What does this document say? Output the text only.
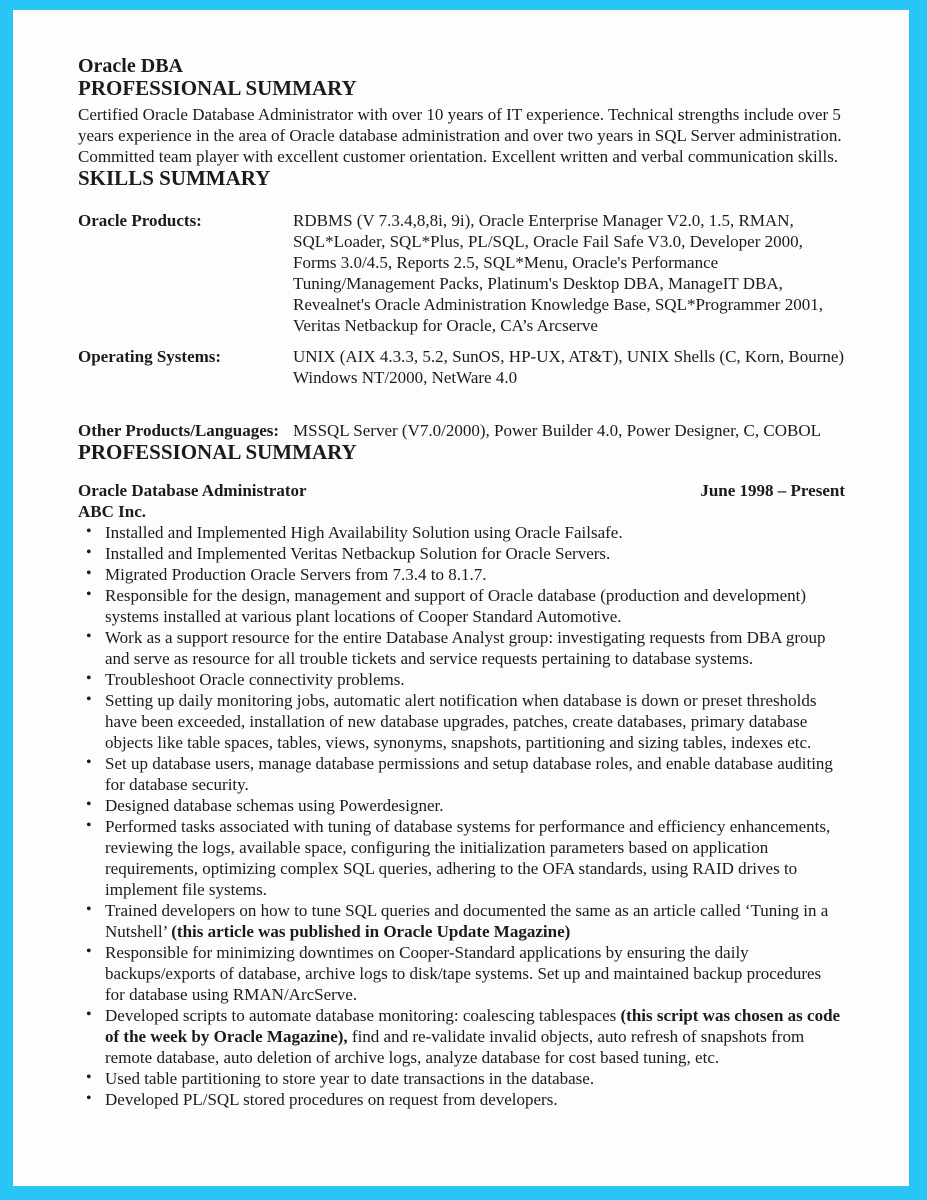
Oracle DBA
PROFESSIONAL SUMMARY

Certified Oracle Database Administrator with over 10 years of IT experience. Technical strengths include over 5 years experience in the area of Oracle database administration and over two years in SQL Server administration. Committed team player with excellent customer orientation. Excellent written and verbal communication skills.

SKILLS SUMMARY
Oracle Products:	RDBMS (V 7.3.4,8,8i, 9i), Oracle Enterprise Manager V2.0, 1.5, RMAN, SQL*Loader, SQL*Plus, PL/SQL, Oracle Fail Safe V3.0, Developer 2000, Forms 3.0/4.5, Reports 2.5, SQL*Menu, Oracle's Performance Tuning/Management Packs, Platinum's Desktop DBA, ManageIT DBA, Revealnet's Oracle Administration Knowledge Base, SQL*Programmer 2001, Veritas Netbackup for Oracle, CA’s Arcserve
Operating Systems:	UNIX (AIX 4.3.3, 5.2, SunOS, HP-UX, AT&T), UNIX Shells (C, Korn, Bourne) Windows NT/2000, NetWare 4.0
Other Products/Languages: MSSQL Server (V7.0/2000), Power Builder 4.0, Power Designer, C, COBOL
PROFESSIONAL SUMMARY
Oracle Database Administrator	June 1998 – Present
ABC Inc.
• Installed and Implemented High Availability Solution using Oracle Failsafe.
• Installed and Implemented Veritas Netbackup Solution for Oracle Servers.
• Migrated Production Oracle Servers from 7.3.4 to 8.1.7.
• Responsible for the design, management and support of Oracle database (production and development) systems installed at various plant locations of Cooper Standard Automotive.
• Work as a support resource for the entire Database Analyst group: investigating requests from DBA group and serve as resource for all trouble tickets and service requests pertaining to database systems.
• Troubleshoot Oracle connectivity problems.
• Setting up daily monitoring jobs, automatic alert notification when database is down or preset thresholds have been exceeded, installation of new database upgrades, patches, create databases, primary database objects like table spaces, tables, views, synonyms, snapshots, partitioning and sizing tables, indexes etc.
• Set up database users, manage database permissions and setup database roles, and enable database auditing for database security.
• Designed database schemas using Powerdesigner.
• Performed tasks associated with tuning of database systems for performance and efficiency enhancements, reviewing the logs, available space, configuring the initialization parameters based on application requirements, optimizing complex SQL queries, adhering to the OFA standards, using RAID drives to implement file systems.
• Trained developers on how to tune SQL queries and documented the same as an article called ‘Tuning in a Nutshell’ (this article was published in Oracle Update Magazine)
• Responsible for minimizing downtimes on Cooper-Standard applications by ensuring the daily backups/exports of database, archive logs to disk/tape systems. Set up and maintained backup procedures for database using RMAN/ArcServe.
• Developed scripts to automate database monitoring: coalescing tablespaces (this script was chosen as code of the week by Oracle Magazine), find and re-validate invalid objects, auto refresh of snapshots from remote database, auto deletion of archive logs, analyze database for cost based tuning, etc.
• Used table partitioning to store year to date transactions in the database.
• Developed PL/SQL stored procedures on request from developers.
